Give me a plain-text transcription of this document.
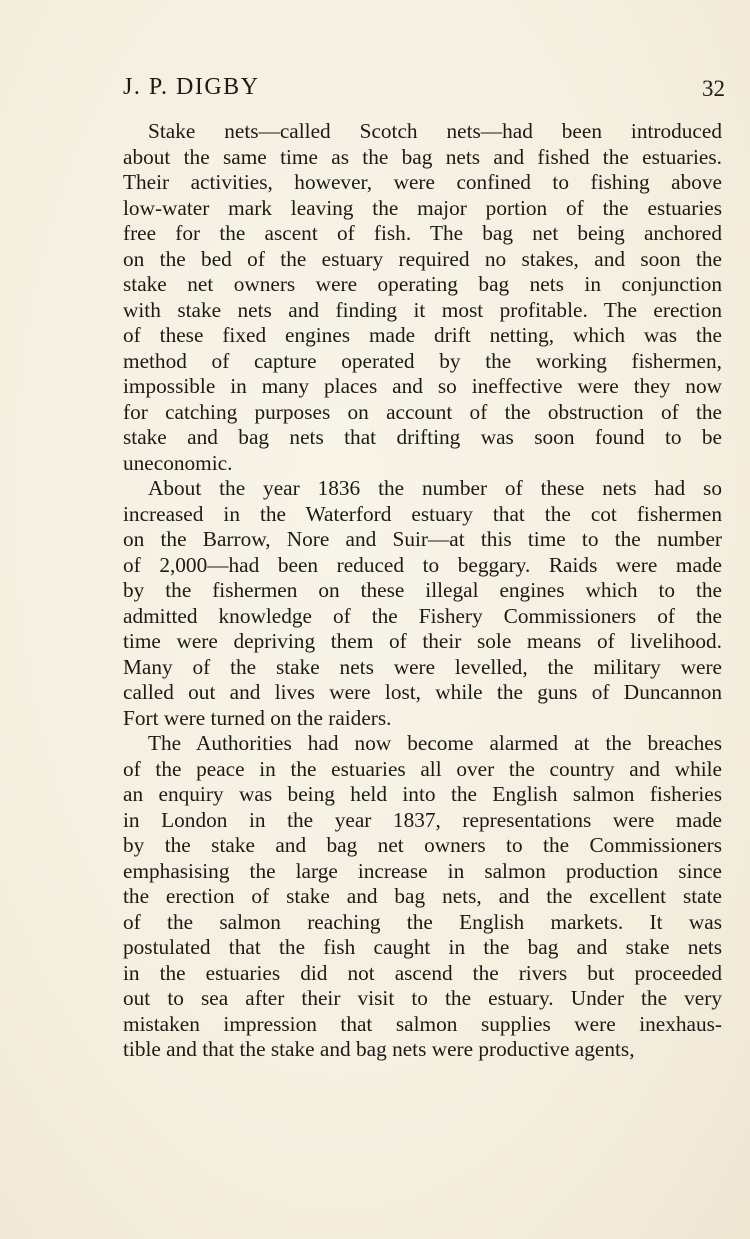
J. P. DIGBY	32
Stake nets—called Scotch nets—had been introduced
about the same time as the bag nets and fished the estuaries.
Their activities, however, were confined to fishing above
low-water mark leaving the major portion of the estuaries
free for the ascent of fish. The bag net being anchored
on the bed of the estuary required no stakes, and soon the
stake net owners were operating bag nets in conjunction
with stake nets and finding it most profitable. The erection
of these fixed engines made drift netting, which was the
method of capture operated by the working fishermen,
impossible in many places and so ineffective were they now
for catching purposes on account of the obstruction of the
stake and bag nets that drifting was soon found to be
uneconomic.
About the year 1836 the number of these nets had so
increased in the Waterford estuary that the cot fishermen
on the Barrow, Nore and Suir—at this time to the number
of 2,000—had been reduced to beggary. Raids were made
by the fishermen on these illegal engines which to the
admitted knowledge of the Fishery Commissioners of the
time were depriving them of their sole means of livelihood.
Many of the stake nets were levelled, the military were
called out and lives were lost, while the guns of Duncannon
Fort were turned on the raiders.
The Authorities had now become alarmed at the breaches
of the peace in the estuaries all over the country and while
an enquiry was being held into the English salmon fisheries
in London in the year 1837, representations were made
by the stake and bag net owners to the Commissioners
emphasising the large increase in salmon production since
the erection of stake and bag nets, and the excellent state
of the salmon reaching the English markets. It was
postulated that the fish caught in the bag and stake nets
in the estuaries did not ascend the rivers but proceeded
out to sea after their visit to the estuary. Under the very
mistaken impression that salmon supplies were inexhaus-
tible and that the stake and bag nets were productive agents,
